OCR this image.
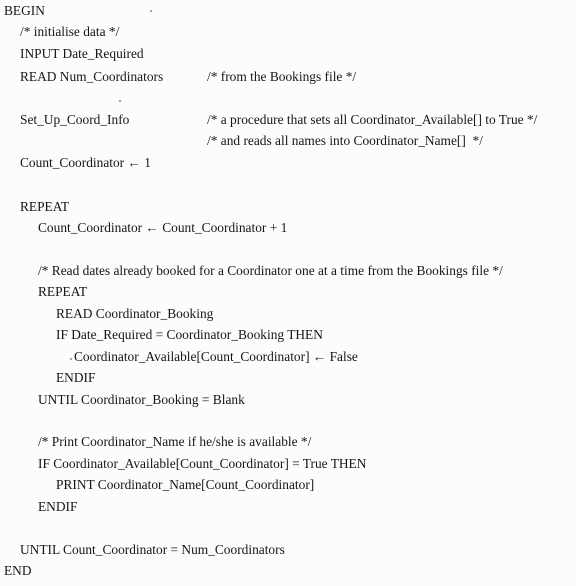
BEGIN
/* initialise data */
INPUT Date_Required
READ Num_Coordinators	/* from the Bookings file */
Set_Up_Coord_Info	/* a procedure that sets all Coordinator_Available[] to True */
/* and reads all names into Coordinator_Name[]  */
Count_Coordinator ← 1
REPEAT
Count_Coordinator ← Count_Coordinator + 1
/* Read dates already booked for a Coordinator one at a time from the Bookings file */
REPEAT
READ Coordinator_Booking
IF Date_Required = Coordinator_Booking THEN
Coordinator_Available[Count_Coordinator] ← False
ENDIF
UNTIL Coordinator_Booking = Blank
/* Print Coordinator_Name if he/she is available */
IF Coordinator_Available[Count_Coordinator] = True THEN
PRINT Coordinator_Name[Count_Coordinator]
ENDIF
UNTIL Count_Coordinator = Num_Coordinators
END
